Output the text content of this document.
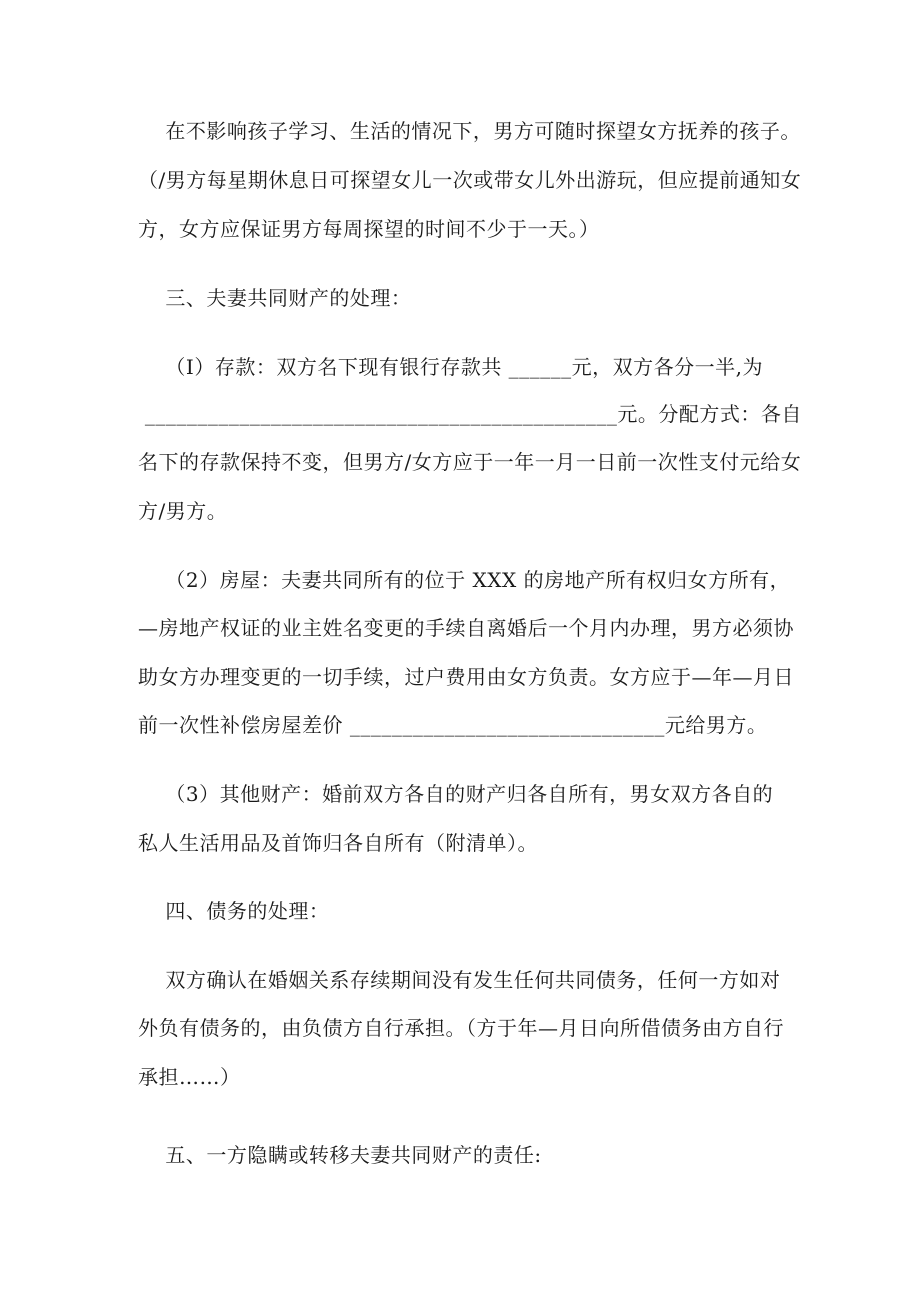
在不影响孩子学习、生活的情况下，男方可随时探望女方抚养的孩子。
（/男方每星期休息日可探望女儿一次或带女儿外出游玩，但应提前通知女
方，女方应保证男方每周探望的时间不少于一天。）
三、夫妻共同财产的处理：
（I）存款：双方名下现有银行存款共 ______元，双方各分一半,为
_____________________________________________元。分配方式：各自
名下的存款保持不变，但男方/女方应于一年一月一日前一次性支付元给女
方/男方。
（2）房屋：夫妻共同所有的位于 XXX 的房地产所有权归女方所有，
—房地产权证的业主姓名变更的手续自离婚后一个月内办理，男方必须协
助女方办理变更的一切手续，过户费用由女方负责。女方应于—年—月日
前一次性补偿房屋差价 ______________________________元给男方。
（3）其他财产：婚前双方各自的财产归各自所有，男女双方各自的
私人生活用品及首饰归各自所有（附清单）。
四、债务的处理：
双方确认在婚姻关系存续期间没有发生任何共同债务，任何一方如对
外负有债务的，由负债方自行承担。（方于年—月日向所借债务由方自行
承担……）
五、一方隐瞒或转移夫妻共同财产的责任:
